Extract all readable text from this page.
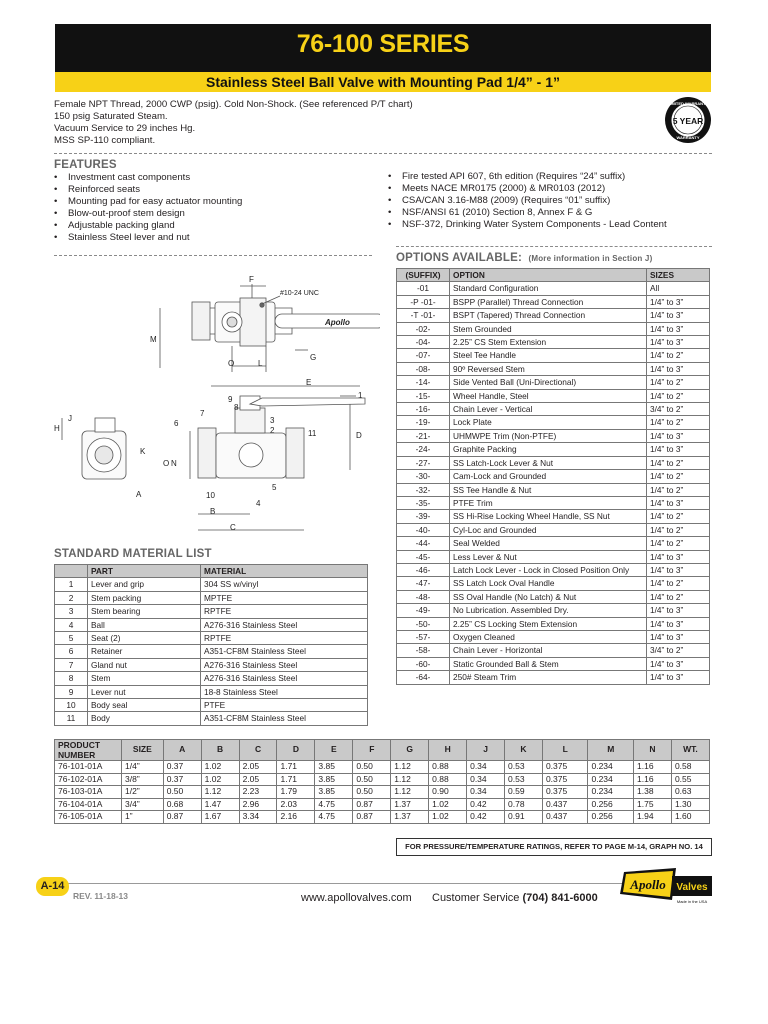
76-100 SERIES
Stainless Steel Ball Valve with Mounting Pad 1/4” - 1”
Female NPT Thread, 2000 CWP (psig). Cold Non-Shock. (See referenced P/T chart)
150 psig Saturated Steam.
Vacuum Service to 29 inches Hg.
MSS SP-110 compliant.
5 YEAR
LIMITED WARRANTY
WARRANTY
FEATURES
• Investment cast components
• Reinforced seats
• Mounting pad for easy actuator mounting
• Blow-out-proof stem design
• Adjustable packing gland
• Stainless Steel lever and nut
• Fire tested API 607, 6th edition (Requires “24” suffix)
• Meets NACE MR0175 (2000) & MR0103 (2012)
• CSA/CAN 3.16-M88 (2009) (Requires “01” suffix)
• NSF/ANSI 61 (2010) Section 8, Annex F & G
• NSF-372, Drinking Water System Components - Lead Content
Apollo
F
#10-24 UNC
M
O	L
G
E
1
9
8
7
6	3
2	11	D
J
H
K
A
O N
10
5
4
B
C
OPTIONS AVAILABLE: (More information in Section J)
(SUFFIX)	OPTION	SIZES
-01	Standard Configuration	All
-P -01-	BSPP (Parallel) Thread Connection	1/4” to 3”
-T -01-	BSPT (Tapered) Thread Connection	1/4” to 3”
-02-	Stem Grounded	1/4” to 3”
-04-	2.25” CS Stem Extension	1/4” to 3”
-07-	Steel Tee Handle	1/4” to 2”
-08-	90º Reversed Stem	1/4” to 3”
-14-	Side Vented Ball (Uni-Directional)	1/4” to 2”
-15-	Wheel Handle, Steel	1/4” to 2”
-16-	Chain Lever - Vertical	3/4” to 2”
-19-	Lock Plate	1/4” to 2”
-21-	UHMWPE Trim (Non-PTFE)	1/4” to 3”
-24-	Graphite Packing	1/4” to 3”
-27-	SS Latch-Lock Lever & Nut	1/4” to 2”
-30-	Cam-Lock and Grounded	1/4” to 2”
-32-	SS Tee Handle & Nut	1/4” to 2”
-35-	PTFE Trim	1/4” to 3”
-39-	SS Hi-Rise Locking Wheel Handle, SS Nut	1/4” to 2”
-40-	Cyl-Loc and Grounded	1/4” to 2”
-44-	Seal Welded	1/4” to 2”
-45-	Less Lever & Nut	1/4” to 3”
-46-	Latch Lock Lever - Lock in Closed Position Only	1/4” to 3”
-47-	SS Latch Lock Oval Handle	1/4” to 2”
-48-	SS Oval Handle (No Latch) & Nut	1/4” to 2”
-49-	No Lubrication. Assembled Dry.	1/4” to 3”
-50-	2.25” CS Locking Stem Extension	1/4” to 3”
-57-	Oxygen Cleaned	1/4” to 3”
-58-	Chain Lever - Horizontal	3/4” to 2”
-60-	Static Grounded Ball & Stem	1/4” to 3”
-64-	250# Steam Trim	1/4” to 3”
STANDARD MATERIAL LIST
	PART	MATERIAL
1	Lever and grip	304 SS w/vinyl
2	Stem packing	MPTFE
3	Stem bearing	RPTFE
4	Ball	A276-316 Stainless Steel
5	Seat (2)	RPTFE
6	Retainer	A351-CF8M Stainless Steel
7	Gland nut	A276-316 Stainless Steel
8	Stem	A276-316 Stainless Steel
9	Lever nut	18-8 Stainless Steel
10	Body seal	PTFE
11	Body	A351-CF8M Stainless Steel
PRODUCT NUMBER	SIZE	A	B	C	D	E	F	G	H	J	K	L	M	N	WT.
76-101-01A	1/4”	0.37	1.02	2.05	1.71	3.85	0.50	1.12	0.88	0.34	0.53	0.375	0.234	1.16	0.58
76-102-01A	3/8”	0.37	1.02	2.05	1.71	3.85	0.50	1.12	0.88	0.34	0.53	0.375	0.234	1.16	0.55
76-103-01A	1/2”	0.50	1.12	2.23	1.79	3.85	0.50	1.12	0.90	0.34	0.59	0.375	0.234	1.38	0.63
76-104-01A	3/4”	0.68	1.47	2.96	2.03	4.75	0.87	1.37	1.02	0.42	0.78	0.437	0.256	1.75	1.30
76-105-01A	1”	0.87	1.67	3.34	2.16	4.75	0.87	1.37	1.02	0.42	0.91	0.437	0.256	1.94	1.60
FOR PRESSURE/TEMPERATURE RATINGS, REFER TO PAGE M-14, GRAPH NO. 14
A-14
REV. 11-18-13	www.apollovalves.com Customer Service (704) 841-6000
Apollo Valves
Made in the USA
